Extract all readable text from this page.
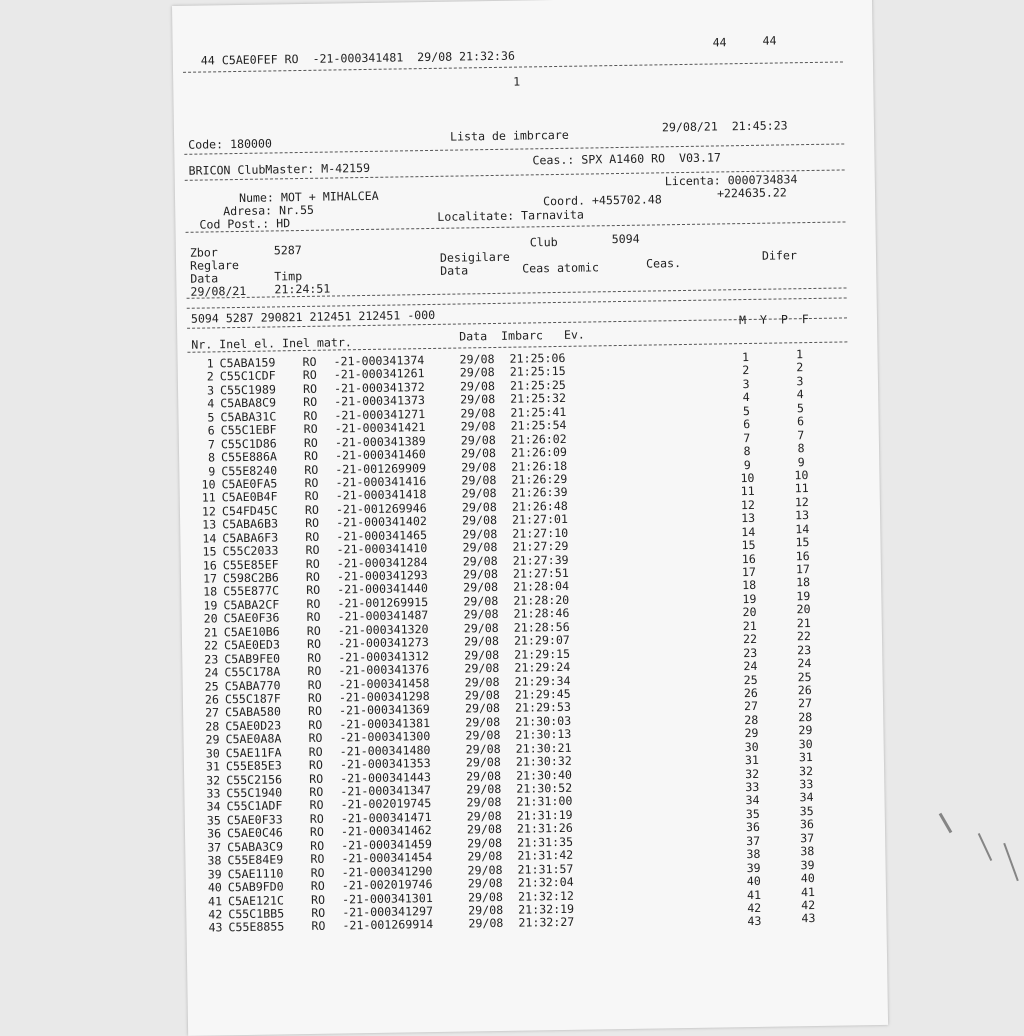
44 C5AE0FEF RO  -21-000341481  29/08 21:32:36
44	44
1
Code: 180000
Lista de imbrcare
29/08/21  21:45:23
BRICON ClubMaster: M-42159
Ceas.: SPX A1460 RO  V03.17
Licenta: 0000734834
Nume: MOT + MIHALCEA
Adresa: Nr.55
Coord. +455702.48	+224635.22
Cod Post.: HD
Localitate: Tarnavita
Zbor	5287
Club	5094
Reglare
Desigilare
Data	Timp	Data	Ceas atomic	Ceas.
Difer
29/08/21 21:24:51
5094 5287 290821 212451 212451 -000
Nr. Inel el. Inel matr.	Data  Imbarc   Ev.
M  Y  P  F
1 C5ABA159 RO -21-000341374	29/08 21:25:06	1	1
2 C55C1CDF RO -21-000341261	29/08 21:25:15	2	2
3 C55C1989 RO -21-000341372	29/08 21:25:25	3	3
4 C5ABA8C9 RO -21-000341373	29/08 21:25:32	4	4
5 C5ABA31C RO -21-000341271	29/08 21:25:41	5	5
6 C55C1EBF RO -21-000341421	29/08 21:25:54	6	6
7 C55C1D86 RO -21-000341389	29/08 21:26:02	7	7
8 C55E886A RO -21-000341460	29/08 21:26:09	8	8
9 C55E8240 RO -21-001269909	29/08 21:26:18	9	9
10 C5AE0FA5 RO -21-000341416	29/08 21:26:29	10	10
11 C5AE0B4F RO -21-000341418	29/08 21:26:39	11	11
12 C54FD45C RO -21-001269946	29/08 21:26:48	12	12
13 C5ABA6B3 RO -21-000341402	29/08 21:27:01	13	13
14 C5ABA6F3 RO -21-000341465	29/08 21:27:10	14	14
15 C55C2033 RO -21-000341410	29/08 21:27:29	15	15
16 C55E85EF RO -21-000341284	29/08 21:27:39	16	16
17 C598C2B6 RO -21-000341293	29/08 21:27:51	17	17
18 C55E877C RO -21-000341440	29/08 21:28:04	18	18
19 C5ABA2CF RO -21-001269915	29/08 21:28:20	19	19
20 C5AE0F36 RO -21-000341487	29/08 21:28:46	20	20
21 C5AE10B6 RO -21-000341320	29/08 21:28:56	21	21
22 C5AE0ED3 RO -21-000341273	29/08 21:29:07	22	22
23 C5AB9FE0 RO -21-000341312	29/08 21:29:15	23	23
24 C55C178A RO -21-000341376	29/08 21:29:24	24	24
25 C5ABA770 RO -21-000341458	29/08 21:29:34	25	25
26 C55C187F RO -21-000341298	29/08 21:29:45	26	26
27 C5ABA580 RO -21-000341369	29/08 21:29:53	27	27
28 C5AE0D23 RO -21-000341381	29/08 21:30:03	28	28
29 C5AE0A8A RO -21-000341300	29/08 21:30:13	29	29
30 C5AE11FA RO -21-000341480	29/08 21:30:21	30	30
31 C55E85E3 RO -21-000341353	29/08 21:30:32	31	31
32 C55C2156 RO -21-000341443	29/08 21:30:40	32	32
33 C55C1940 RO -21-000341347	29/08 21:30:52	33	33
34 C55C1ADF RO -21-002019745	29/08 21:31:00	34	34
35 C5AE0F33 RO -21-000341471	29/08 21:31:19	35	35
36 C5AE0C46 RO -21-000341462	29/08 21:31:26	36	36
37 C5ABA3C9 RO -21-000341459	29/08 21:31:35	37	37
38 C55E84E9 RO -21-000341454	29/08 21:31:42	38	38
39 C5AE1110 RO -21-000341290	29/08 21:31:57	39	39
40 C5AB9FD0 RO -21-002019746	29/08 21:32:04	40	40
41 C5AE121C RO -21-000341301	29/08 21:32:12	41	41
42 C55C1BB5 RO -21-000341297	29/08 21:32:19	42	42
43 C55E8855 RO -21-001269914	29/08 21:32:27	43	43
